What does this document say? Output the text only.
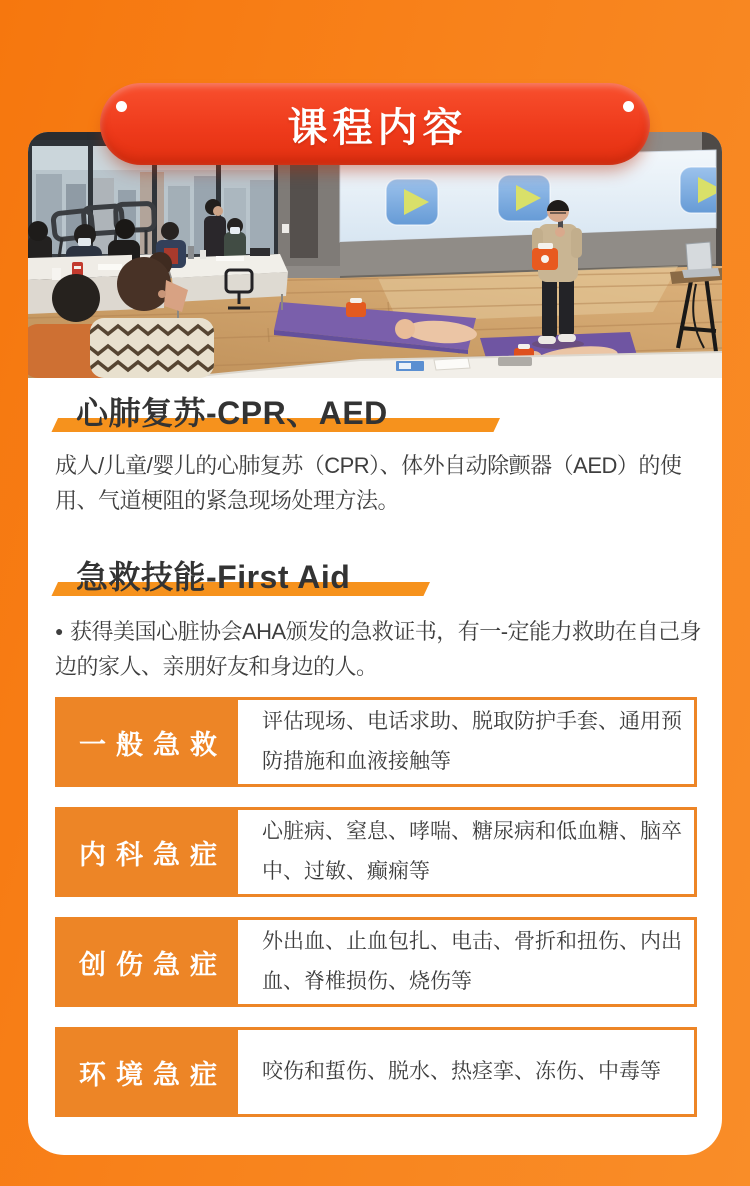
心肺复苏-CPR、AED

成人/儿童/婴儿的心肺复苏（CPR）、体外自动除颤器（AED）的使用、气道梗阻的紧急现场处理方法。

急救技能-First Aid

● 获得美国心脏协会AHA颁发的急救证书，有一-定能力救助在自己身边的家人、亲朋好友和身边的人。

一般急救
评估现场、电话求助、脱取防护手套、通用预防措施和血液接触等
内科急症
心脏病、窒息、哮喘、糖尿病和低血糖、脑卒中、过敏、癫痫等
创伤急症
外出血、止血包扎、电击、骨折和扭伤、内出血、脊椎损伤、烧伤等
环境急症	咬伤和蜇伤、脱水、热痉挛、冻伤、中毒等
课程内容
